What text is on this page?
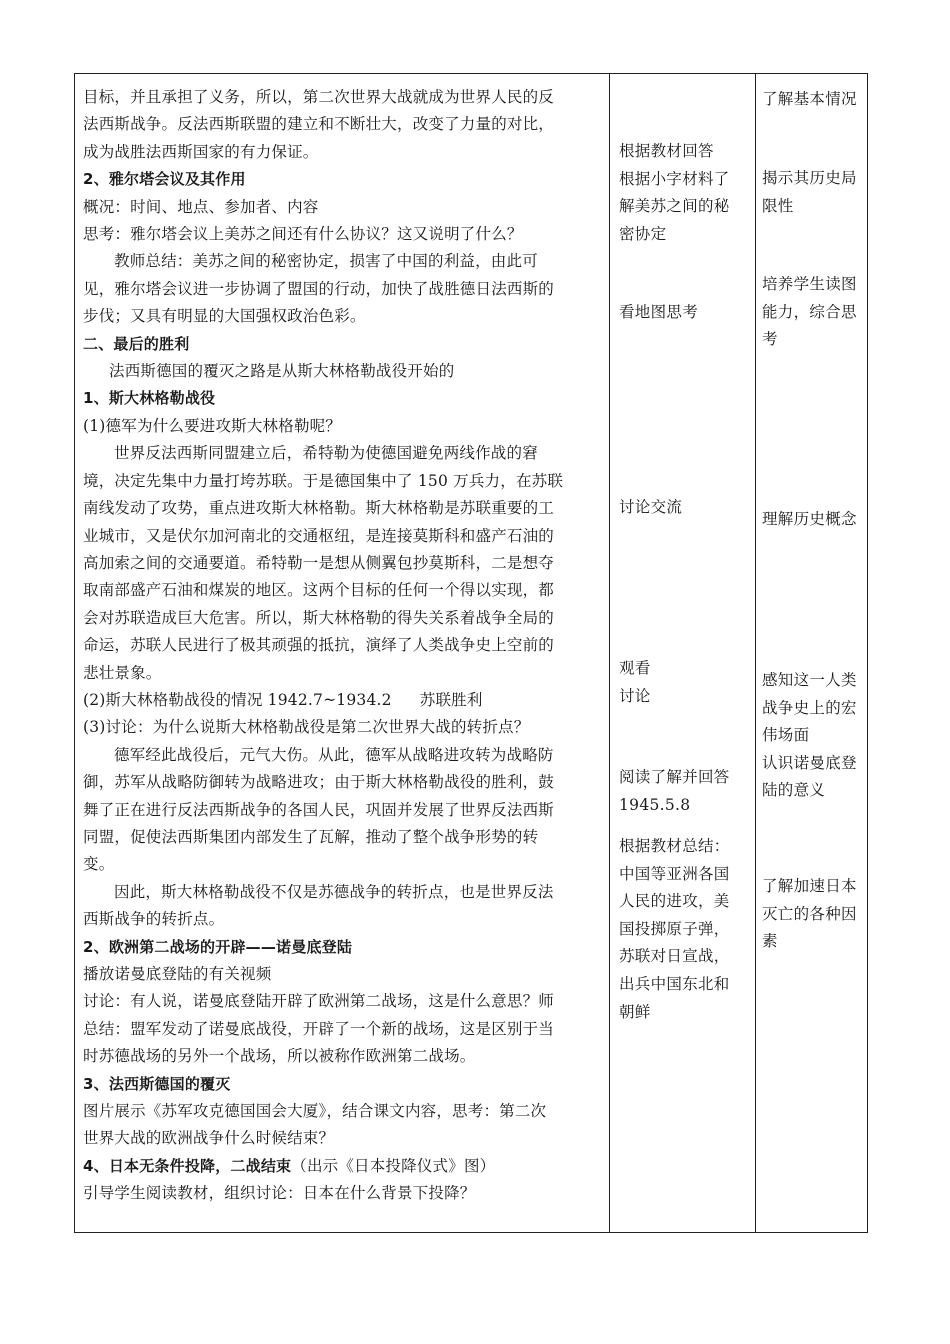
目标，并且承担了义务，所以，第二次世界大战就成为世界人民的反
法西斯战争。反法西斯联盟的建立和不断壮大，改变了力量的对比，
成为战胜法西斯国家的有力保证。
2、雅尔塔会议及其作用
概况：时间、地点、参加者、内容
思考：雅尔塔会议上美苏之间还有什么协议？这又说明了什么？
教师总结：美苏之间的秘密协定，损害了中国的利益，由此可
见，雅尔塔会议进一步协调了盟国的行动，加快了战胜德日法西斯的
步伐；又具有明显的大国强权政治色彩。
二、最后的胜利
法西斯德国的覆灭之路是从斯大林格勒战役开始的
1、斯大林格勒战役
(1)德军为什么要进攻斯大林格勒呢？
世界反法西斯同盟建立后，希特勒为使德国避免两线作战的窘
境，决定先集中力量打垮苏联。于是德国集中了 150 万兵力，在苏联
南线发动了攻势，重点进攻斯大林格勒。斯大林格勒是苏联重要的工
业城市，又是伏尔加河南北的交通枢纽，是连接莫斯科和盛产石油的
高加索之间的交通要道。希特勒一是想从侧翼包抄莫斯科，二是想夺
取南部盛产石油和煤炭的地区。这两个目标的任何一个得以实现，都
会对苏联造成巨大危害。所以，斯大林格勒的得失关系着战争全局的
命运，苏联人民进行了极其顽强的抵抗，演绎了人类战争史上空前的
悲壮景象。
(2)斯大林格勒战役的情况 1942.7~1934.2 苏联胜利
(3)讨论：为什么说斯大林格勒战役是第二次世界大战的转折点？
德军经此战役后，元气大伤。从此，德军从战略进攻转为战略防
御，苏军从战略防御转为战略进攻；由于斯大林格勒战役的胜利，鼓
舞了正在进行反法西斯战争的各国人民，巩固并发展了世界反法西斯
同盟，促使法西斯集团内部发生了瓦解，推动了整个战争形势的转
变。
因此，斯大林格勒战役不仅是苏德战争的转折点，也是世界反法
西斯战争的转折点。
2、欧洲第二战场的开辟——诺曼底登陆
播放诺曼底登陆的有关视频
讨论：有人说，诺曼底登陆开辟了欧洲第二战场，这是什么意思？师
总结：盟军发动了诺曼底战役，开辟了一个新的战场，这是区别于当
时苏德战场的另外一个战场，所以被称作欧洲第二战场。
3、法西斯德国的覆灭
图片展示《苏军攻克德国国会大厦》，结合课文内容，思考：第二次
世界大战的欧洲战争什么时候结束？
4、日本无条件投降，二战结束（出示《日本投降仪式》图）
引导学生阅读教材，组织讨论：日本在什么背景下投降？
根据教材回答
根据小字材料了
解美苏之间的秘
密协定
看地图思考
讨论交流
观看
讨论
阅读了解并回答
1945.5.8
根据教材总结：
中国等亚洲各国
人民的进攻，美
国投掷原子弹，
苏联对日宣战，
出兵中国东北和
朝鲜
了解基本情况
揭示其历史局
限性
培养学生读图
能力，综合思
考
理解历史概念
感知这一人类
战争史上的宏
伟场面
认识诺曼底登
陆的意义
了解加速日本
灭亡的各种因
素
